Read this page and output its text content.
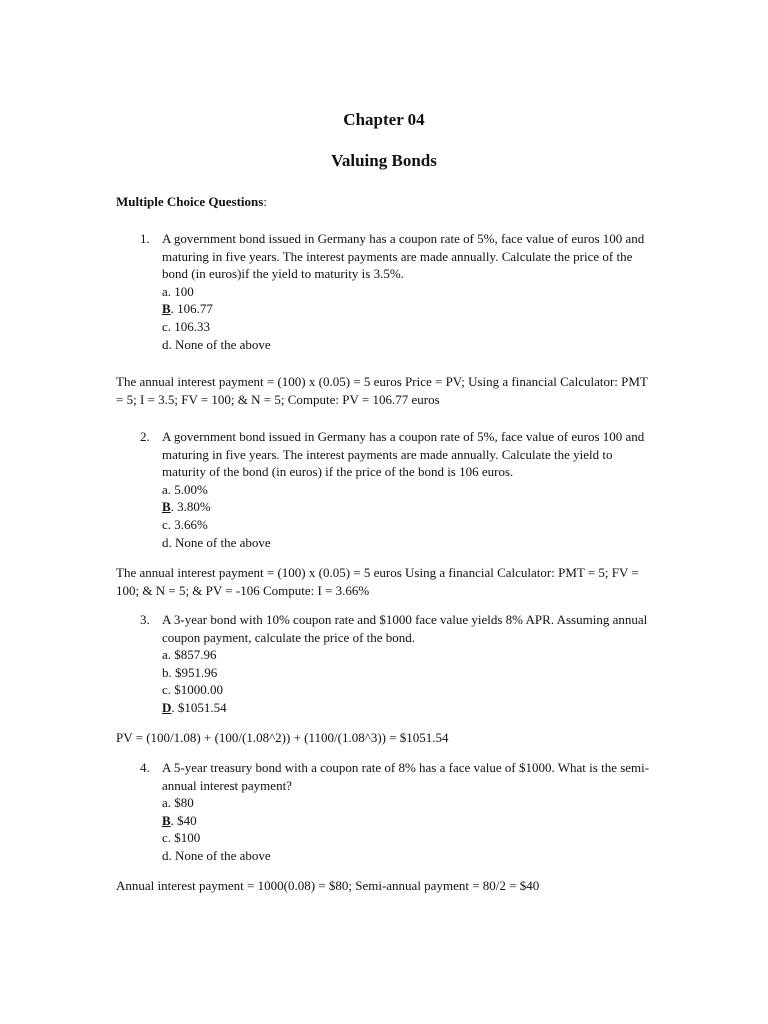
Chapter 04
Valuing Bonds
Multiple Choice Questions:
1. A government bond issued in Germany has a coupon rate of 5%, face value of euros 100 and maturing in five years. The interest payments are made annually. Calculate the price of the bond (in euros)if the yield to maturity is 3.5%.
a. 100
B. 106.77
c. 106.33
d. None of the above

The annual interest payment = (100) x (0.05) = 5 euros Price = PV; Using a financial Calculator: PMT = 5; I = 3.5; FV = 100; & N = 5; Compute: PV = 106.77 euros

2. A government bond issued in Germany has a coupon rate of 5%, face value of euros 100 and maturing in five years. The interest payments are made annually. Calculate the yield to maturity of the bond (in euros) if the price of the bond is 106 euros.
a. 5.00%
B. 3.80%
c. 3.66%
d. None of the above

The annual interest payment = (100) x (0.05) = 5 euros Using a financial Calculator: PMT = 5; FV = 100; & N = 5; & PV = -106 Compute: I = 3.66%

3. A 3-year bond with 10% coupon rate and $1000 face value yields 8% APR. Assuming annual coupon payment, calculate the price of the bond.
a. $857.96
b. $951.96
c. $1000.00
D. $1051.54

PV = (100/1.08) + (100/(1.08^2)) + (1100/(1.08^3)) = $1051.54

4. A 5-year treasury bond with a coupon rate of 8% has a face value of $1000. What is the semi-annual interest payment?
a. $80
B. $40
c. $100
d. None of the above

Annual interest payment = 1000(0.08) = $80; Semi-annual payment = 80/2 = $40
